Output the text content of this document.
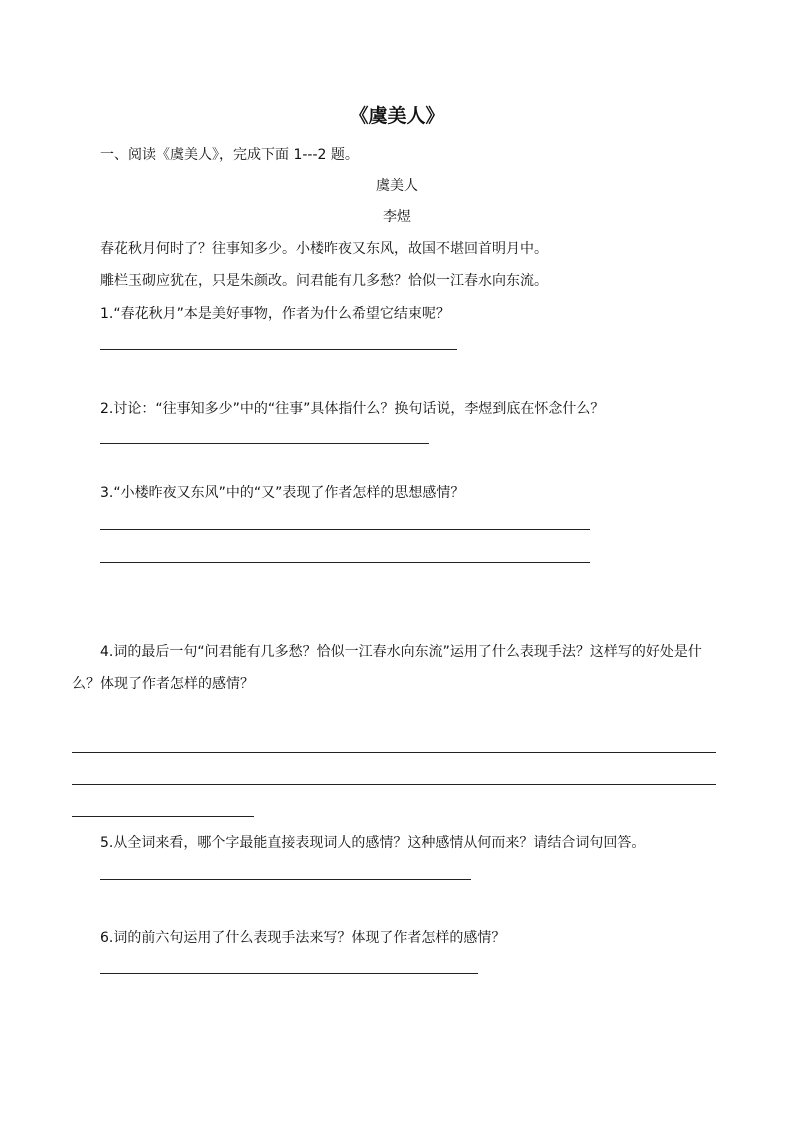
《虞美人》
一、阅读《虞美人》，完成下面 1---2 题。
虞美人
李煜
春花秋月何时了？往事知多少。小楼昨夜又东风，故国不堪回首明月中。
雕栏玉砌应犹在，只是朱颜改。问君能有几多愁？恰似一江春水向东流。
1.“春花秋月”本是美好事物，作者为什么希望它结束呢？
2.讨论：“往事知多少”中的“往事”具体指什么？换句话说，李煜到底在怀念什么？
3.“小楼昨夜又东风”中的“又”表现了作者怎样的思想感情？
4.词的最后一句“问君能有几多愁？恰似一江春水向东流”运用了什么表现手法？这样写的好处是什
么？体现了作者怎样的感情？
5.从全词来看，哪个字最能直接表现词人的感情？这种感情从何而来？请结合词句回答。
6.词的前六句运用了什么表现手法来写？体现了作者怎样的感情？
